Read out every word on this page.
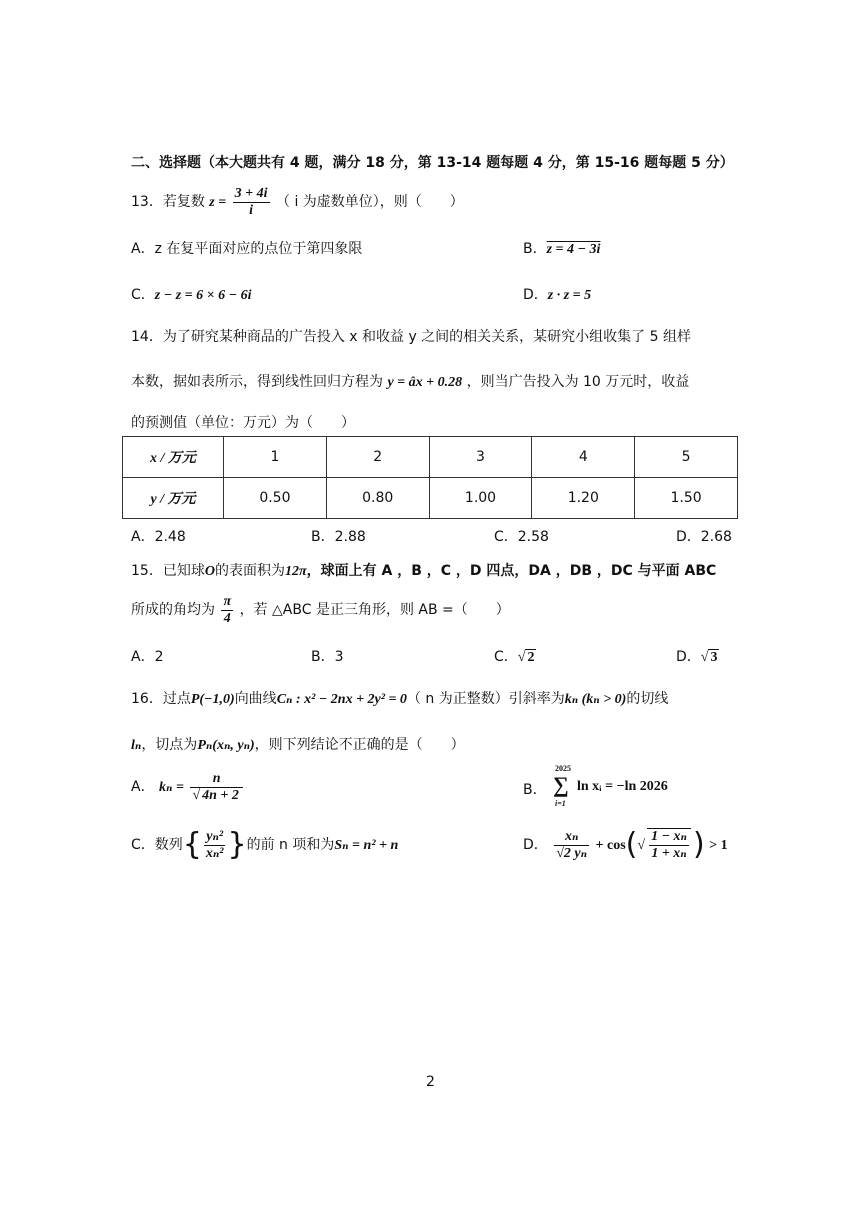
二、选择题（本大题共有 4 题，满分 18 分，第 13-14 题每题 4 分，第 15-16 题每题 5 分）
13．若复数 $z = \frac{3 + 4i}{i}$ （ i 为虚数单位），则（　　）
A．z 在复平面对应的点位于第四象限	B．z = 4 − 3i
C．z − z = 6 × 6 − 6i	D．z · z = 5
14．为了研究某种商品的广告投入 x 和收益 y 之间的相关关系，某研究小组收集了 5 组样
本数，据如表所示，得到线性回归方程为 y = âx + 0.28 ，则当广告投入为 10 万元时，收益
的预测值（单位：万元）为（　　）
x / 万元	1	2	3	4	5
y / 万元	0.50	0.80	1.00	1.20	1.50
A．2.48	B．2.88	C．2.58	D．2.68
15．已知球O的表面积为12π，球面上有 A ，B ，C ，D 四点，DA ，DB ，DC 与平面 ABC
所成的角均为 $\frac{\pi}{4}$ ，若 △ABC 是正三角形，则 AB =（　　）
A．2	B．3	C．√ 2	D．√ 3
16．过点P(−1,0)向曲线Cₙ : x² − 2nx + 2y² = 0（ n 为正整数）引斜率为kₙ (kₙ > 0)的切线
lₙ，切点为Pₙ(xₙ, yₙ)，则下列结论不正确的是（　　）
A． $k_n = \frac{n}{√ 4n + 2}$	B．
2025
∑
i=1
ln xᵢ = −ln 2026
C．数列{ $\frac{\text{yₙ²}}{\text{xₙ²}}$ }的前 n 项和为Sₙ = n² + n	D． $\frac{\text{xₙ}}{\text{√2 yₙ}} + \cos(√ \frac{\text{1 − xₙ}}{\text{1 + xₙ}}$ ) > 1
2
